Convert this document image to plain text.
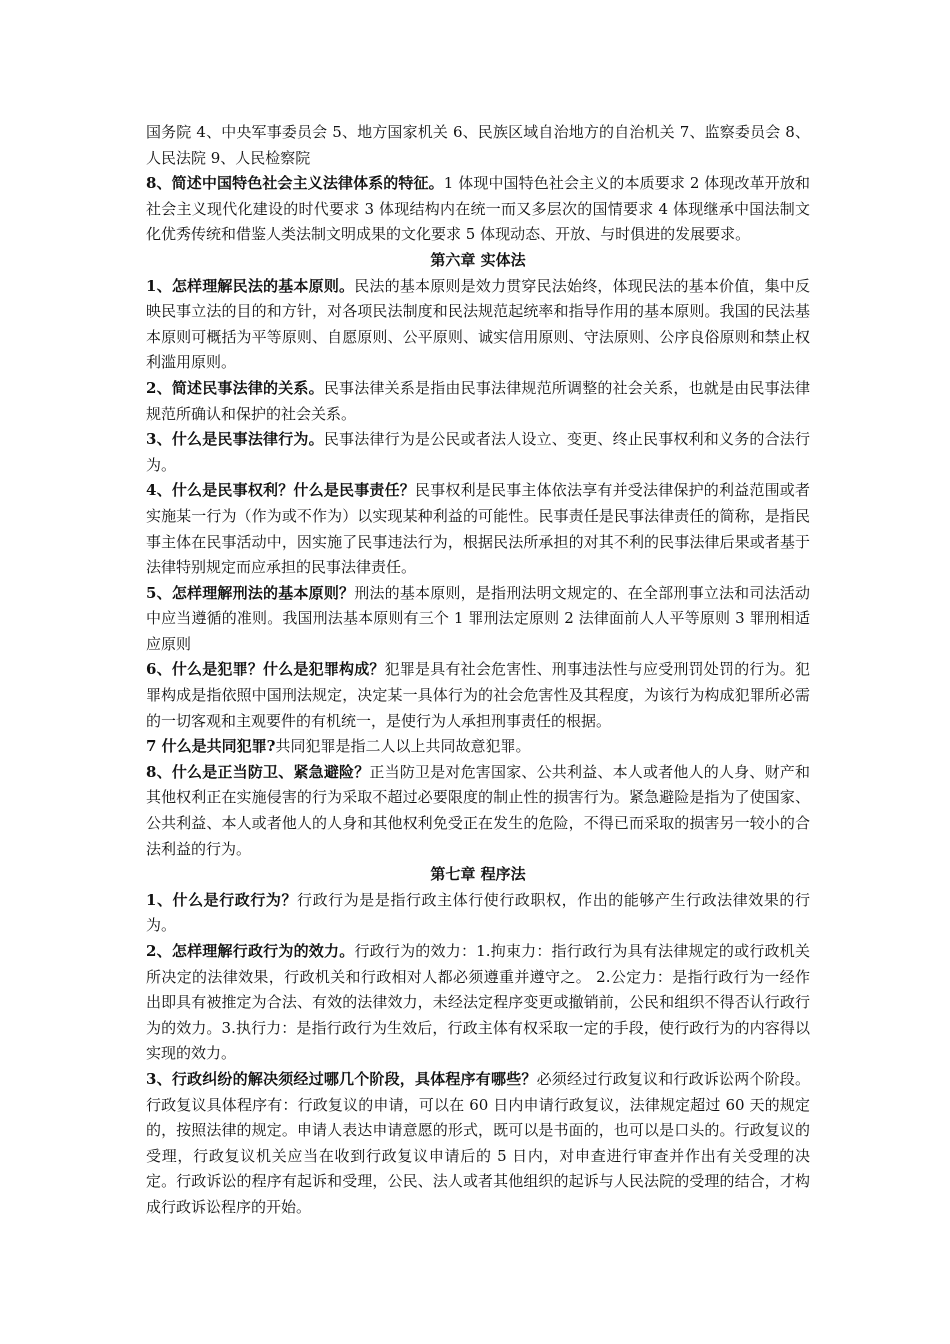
国务院 4、中央军事委员会 5、地方国家机关 6、民族区域自治地方的自治机关 7、监察委员会 8、人民法院 9、人民检察院

8、简述中国特色社会主义法律体系的特征。1 体现中国特色社会主义的本质要求 2 体现改革开放和社会主义现代化建设的时代要求 3 体现结构内在统一而又多层次的国情要求 4 体现继承中国法制文化优秀传统和借鉴人类法制文明成果的文化要求 5 体现动态、开放、与时俱进的发展要求。

第六章 实体法

1、怎样理解民法的基本原则。民法的基本原则是效力贯穿民法始终，体现民法的基本价值，集中反映民事立法的目的和方针，对各项民法制度和民法规范起统率和指导作用的基本原则。我国的民法基本原则可概括为平等原则、自愿原则、公平原则、诚实信用原则、守法原则、公序良俗原则和禁止权利滥用原则。

2、简述民事法律的关系。民事法律关系是指由民事法律规范所调整的社会关系，也就是由民事法律规范所确认和保护的社会关系。

3、什么是民事法律行为。民事法律行为是公民或者法人设立、变更、终止民事权利和义务的合法行为。

4、什么是民事权利？什么是民事责任？民事权利是民事主体依法享有并受法律保护的利益范围或者实施某一行为（作为或不作为）以实现某种利益的可能性。民事责任是民事法律责任的简称，是指民事主体在民事活动中，因实施了民事违法行为，根据民法所承担的对其不利的民事法律后果或者基于法律特别规定而应承担的民事法律责任。

5、怎样理解刑法的基本原则？刑法的基本原则，是指刑法明文规定的、在全部刑事立法和司法活动中应当遵循的准则。我国刑法基本原则有三个 1 罪刑法定原则 2 法律面前人人平等原则 3 罪刑相适应原则

6、什么是犯罪？什么是犯罪构成？犯罪是具有社会危害性、刑事违法性与应受刑罚处罚的行为。犯罪构成是指依照中国刑法规定，决定某一具体行为的社会危害性及其程度，为该行为构成犯罪所必需的一切客观和主观要件的有机统一，是使行为人承担刑事责任的根据。

7 什么是共同犯罪?共同犯罪是指二人以上共同故意犯罪。

8、什么是正当防卫、紧急避险？正当防卫是对危害国家、公共利益、本人或者他人的人身、财产和其他权利正在实施侵害的行为采取不超过必要限度的制止性的损害行为。紧急避险是指为了使国家、公共利益、本人或者他人的人身和其他权利免受正在发生的危险，不得已而采取的损害另一较小的合法利益的行为。

第七章 程序法

1、什么是行政行为？行政行为是是指行政主体行使行政职权，作出的能够产生行政法律效果的行为。

2、怎样理解行政行为的效力。行政行为的效力：1.拘束力：指行政行为具有法律规定的或行政机关所决定的法律效果，行政机关和行政相对人都必须遵重并遵守之。 2.公定力：是指行政行为一经作出即具有被推定为合法、有效的法律效力，未经法定程序变更或撤销前，公民和组织不得否认行政行为的效力。3.执行力：是指行政行为生效后，行政主体有权采取一定的手段，使行政行为的内容得以实现的效力。

3、行政纠纷的解决须经过哪几个阶段，具体程序有哪些？必须经过行政复议和行政诉讼两个阶段。行政复议具体程序有：行政复议的申请，可以在 60 日内申请行政复议，法律规定超过 60 天的规定的，按照法律的规定。申请人表达申请意愿的形式，既可以是书面的，也可以是口头的。行政复议的受理，行政复议机关应当在收到行政复议申请后的 5 日内，对申查进行审查并作出有关受理的决定。行政诉讼的程序有起诉和受理，公民、法人或者其他组织的起诉与人民法院的受理的结合，才构成行政诉讼程序的开始。
